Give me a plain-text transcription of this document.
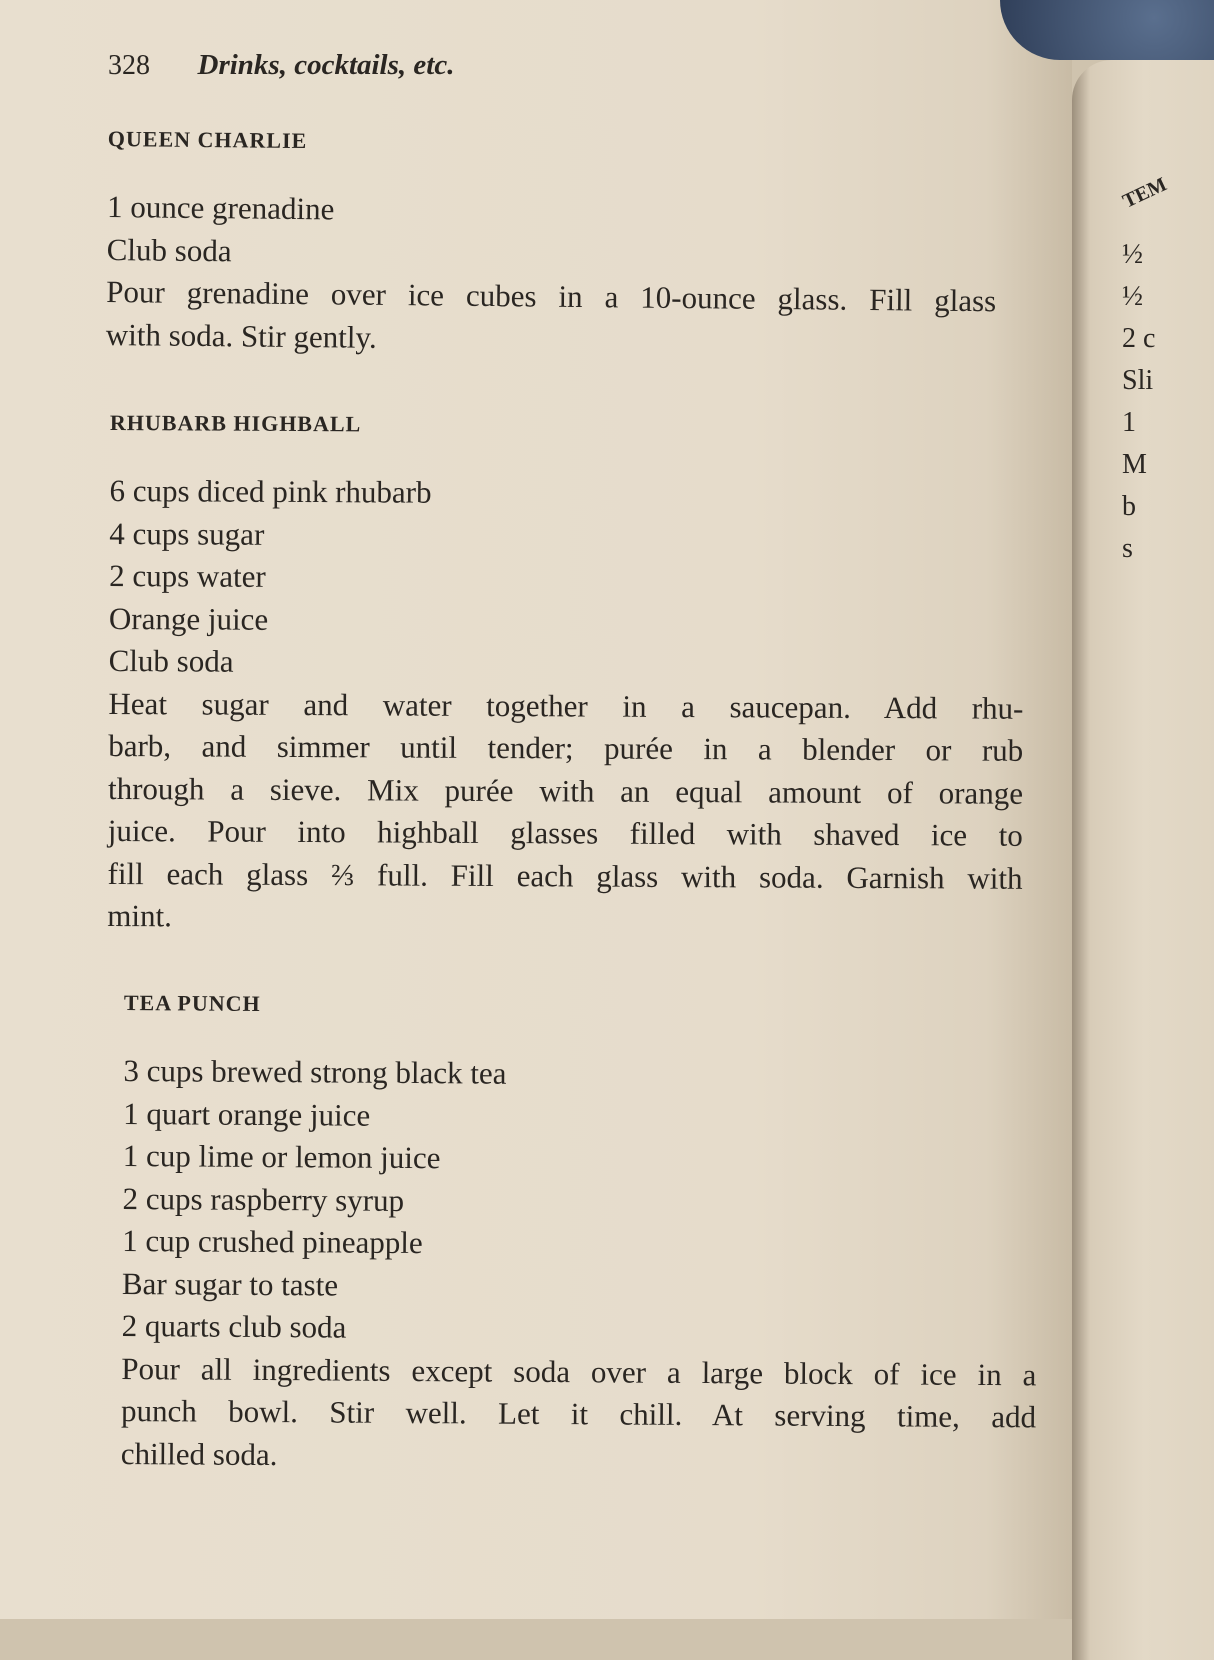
328 Drinks, cocktails, etc.
QUEEN CHARLIE
1 ounce grenadine
Club soda
Pour grenadine over ice cubes in a 10-ounce glass. Fill glass
with soda. Stir gently.
RHUBARB HIGHBALL
6 cups diced pink rhubarb
4 cups sugar
2 cups water
Orange juice
Club soda
Heat sugar and water together in a saucepan. Add rhu-
barb, and simmer until tender; purée in a blender or rub
through a sieve. Mix purée with an equal amount of orange
juice. Pour into highball glasses filled with shaved ice to
fill each glass ⅔ full. Fill each glass with soda. Garnish with
mint.
TEA PUNCH
3 cups brewed strong black tea
1 quart orange juice
1 cup lime or lemon juice
2 cups raspberry syrup
1 cup crushed pineapple
Bar sugar to taste
2 quarts club soda
Pour all ingredients except soda over a large block of ice in a
punch bowl. Stir well. Let it chill. At serving time, add
chilled soda.
TEM
½
½
2 c
Sli
1
M
b
s
